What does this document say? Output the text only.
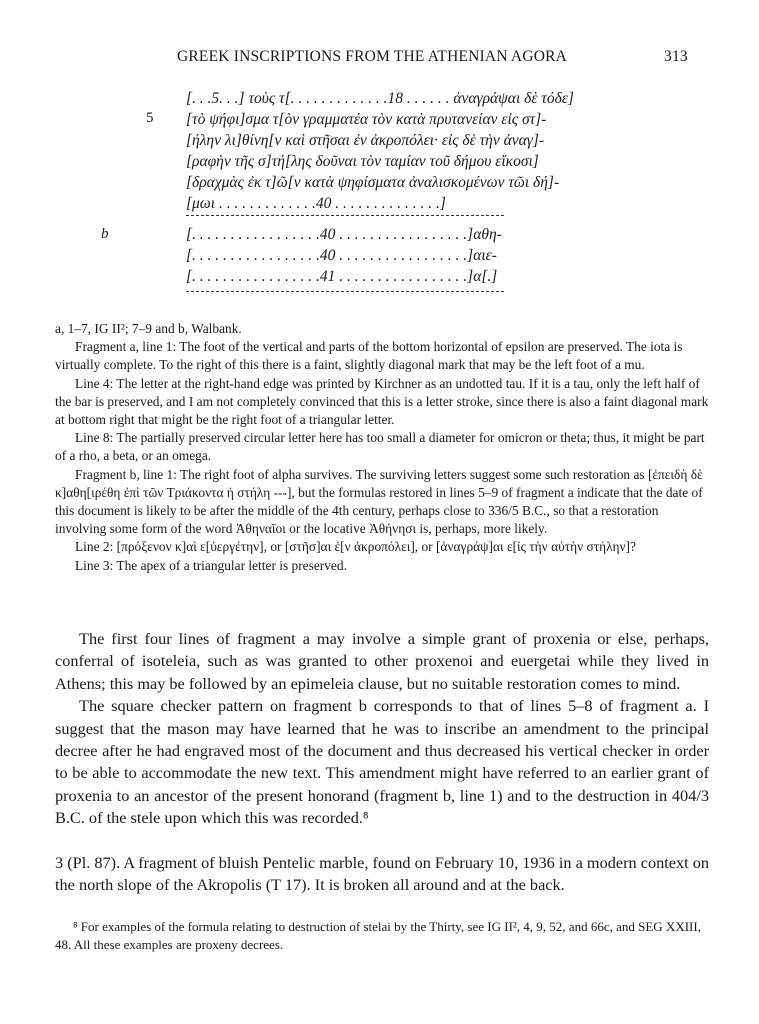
GREEK INSCRIPTIONS FROM THE ATHENIAN AGORA	313
5
b
[. . .5. . .] τοὺς τ[. . . . . . . . . . . . .18 . . . . . . ἀναγράψαι δὲ τόδε]
[τὸ ψήφι]σμα τ[ὸν γραμματέα τὸν κατὰ πρυτανείαν εἰς στ]-
[ήλην λι]θίνη[ν καὶ στῆσαι ἐν ἀκροπόλει· εἰς δὲ τὴν ἀναγ]-
[ραφὴν τῆς σ]τή[λης δοῦναι τὸν ταμίαν τοῦ δήμου εἴκοσι]
[δραχμὰς ἐκ τ]ῶ[ν κατὰ ψηφίσματα ἀναλισκομένων τῶι δή]-
[μωι . . . . . . . . . . . . .40 . . . . . . . . . . . . . .]
[. . . . . . . . . . . . . . . . .40 . . . . . . . . . . . . . . . . .]αθη-
[. . . . . . . . . . . . . . . . .40 . . . . . . . . . . . . . . . . .]αιε-
[. . . . . . . . . . . . . . . . .41 . . . . . . . . . . . . . . . . .]α[.]

a, 1–7, IG II²; 7–9 and b, Walbank.

Fragment a, line 1: The foot of the vertical and parts of the bottom horizontal of epsilon are preserved. The iota is virtually complete. To the right of this there is a faint, slightly diagonal mark that may be the left foot of a mu.

Line 4: The letter at the right-hand edge was printed by Kirchner as an undotted tau. If it is a tau, only the left half of the bar is preserved, and I am not completely convinced that this is a letter stroke, since there is also a faint diagonal mark at bottom right that might be the right foot of a triangular letter.

Line 8: The partially preserved circular letter here has too small a diameter for omicron or theta; thus, it might be part of a rho, a beta, or an omega.

Fragment b, line 1: The right foot of alpha survives. The surviving letters suggest some such restoration as [ἐπειδὴ δὲ κ]αθη[ιρέθη ἐπὶ τῶν Τριάκοντα ἡ στήλη ---], but the formulas restored in lines 5–9 of fragment a indicate that the date of this document is likely to be after the middle of the 4th century, perhaps close to 336/5 B.C., so that a restoration involving some form of the word Ἀθηναῖοι or the locative Ἀθήνησι is, perhaps, more likely.

Line 2: [πρόξενον κ]αὶ ε[ὐεργέτην], or [στῆσ]αι ἐ[ν ἀκροπόλει], or [ἀναγράψ]αι ε[ἰς τὴν αὐτὴν στήλην]?

Line 3: The apex of a triangular letter is preserved.

The first four lines of fragment a may involve a simple grant of proxenia or else, perhaps, conferral of isoteleia, such as was granted to other proxenoi and euergetai while they lived in Athens; this may be followed by an epimeleia clause, but no suitable restoration comes to mind.

The square checker pattern on fragment b corresponds to that of lines 5–8 of fragment a. I suggest that the mason may have learned that he was to inscribe an amendment to the principal decree after he had engraved most of the document and thus decreased his vertical checker in order to be able to accommodate the new text. This amendment might have referred to an earlier grant of proxenia to an ancestor of the present honorand (fragment b, line 1) and to the destruction in 404/3 B.C. of the stele upon which this was recorded.⁸

3 (Pl. 87). A fragment of bluish Pentelic marble, found on February 10, 1936 in a modern context on the north slope of the Akropolis (T 17). It is broken all around and at the back.

⁸ For examples of the formula relating to destruction of stelai by the Thirty, see IG II², 4, 9, 52, and 66c, and SEG XXIII, 48. All these examples are proxeny decrees.
